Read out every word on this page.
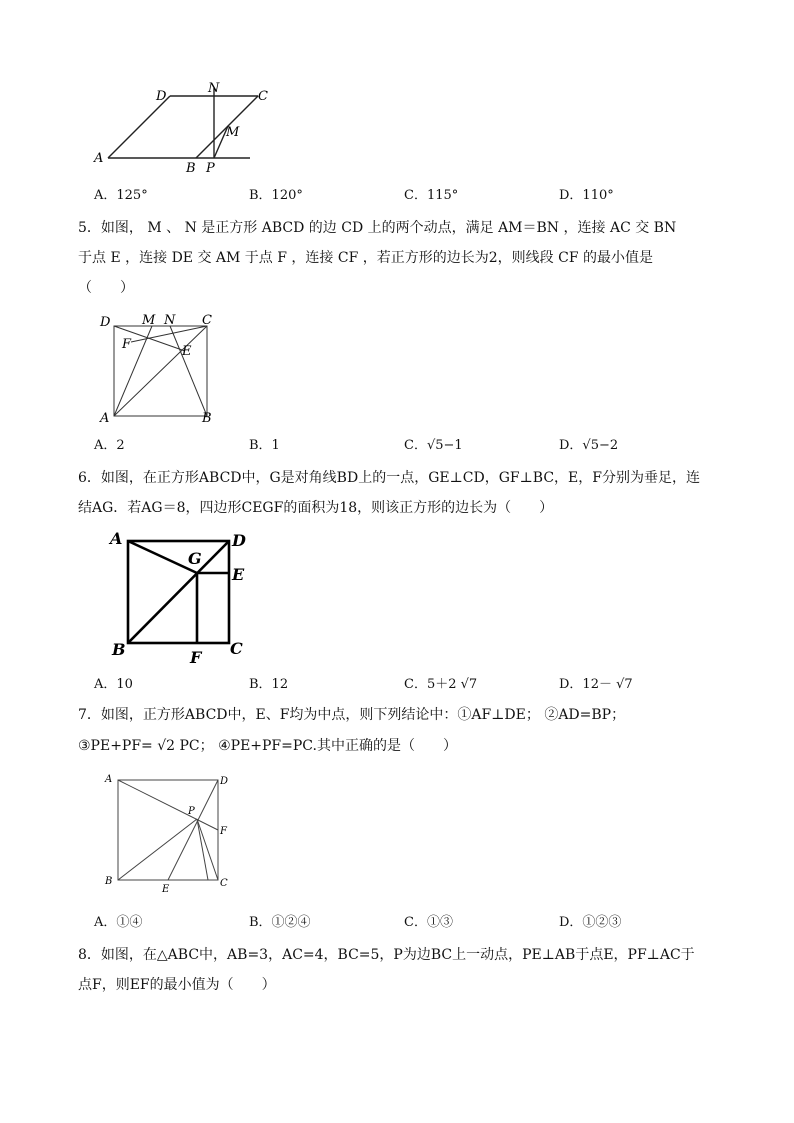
A
B P
D
N
C
M
A．125°	B．120°	C．115°	D．110°
5．如图， M 、 N 是正方形 ABCD 的边 CD 上的两个动点，满足 AM＝BN ，连接 AC 交 BN
于点 E ，连接 DE 交 AM 于点 F ，连接 CF ，若正方形的边长为2，则线段 CF 的最小值是
（　　）
D M N C
F	E
A	B
A．2	B．1	C．√5−1	D．√5−2
6．如图，在正方形ABCD中，G是对角线BD上的一点，GE⊥CD，GF⊥BC，E，F分别为垂足，连
结AG．若AG＝8，四边形CEGF的面积为18，则该正方形的边长为（　　）
A	D
G
E
B	F C
A．10	B．12	C．5＋2 √7	D．12－ √7
7．如图，正方形ABCD中，E、F均为中点，则下列结论中：①AF⊥DE； ②AD=BP；
③PE+PF= √2 PC； ④PE+PF=PC.其中正确的是（　　）
A	D
P
F
B
E
C
A．①④	B．①②④	C．①③	D．①②③
8．如图，在△ABC中，AB=3，AC=4，BC=5，P为边BC上一动点，PE⊥AB于点E，PF⊥AC于
点F，则EF的最小值为（　　）
